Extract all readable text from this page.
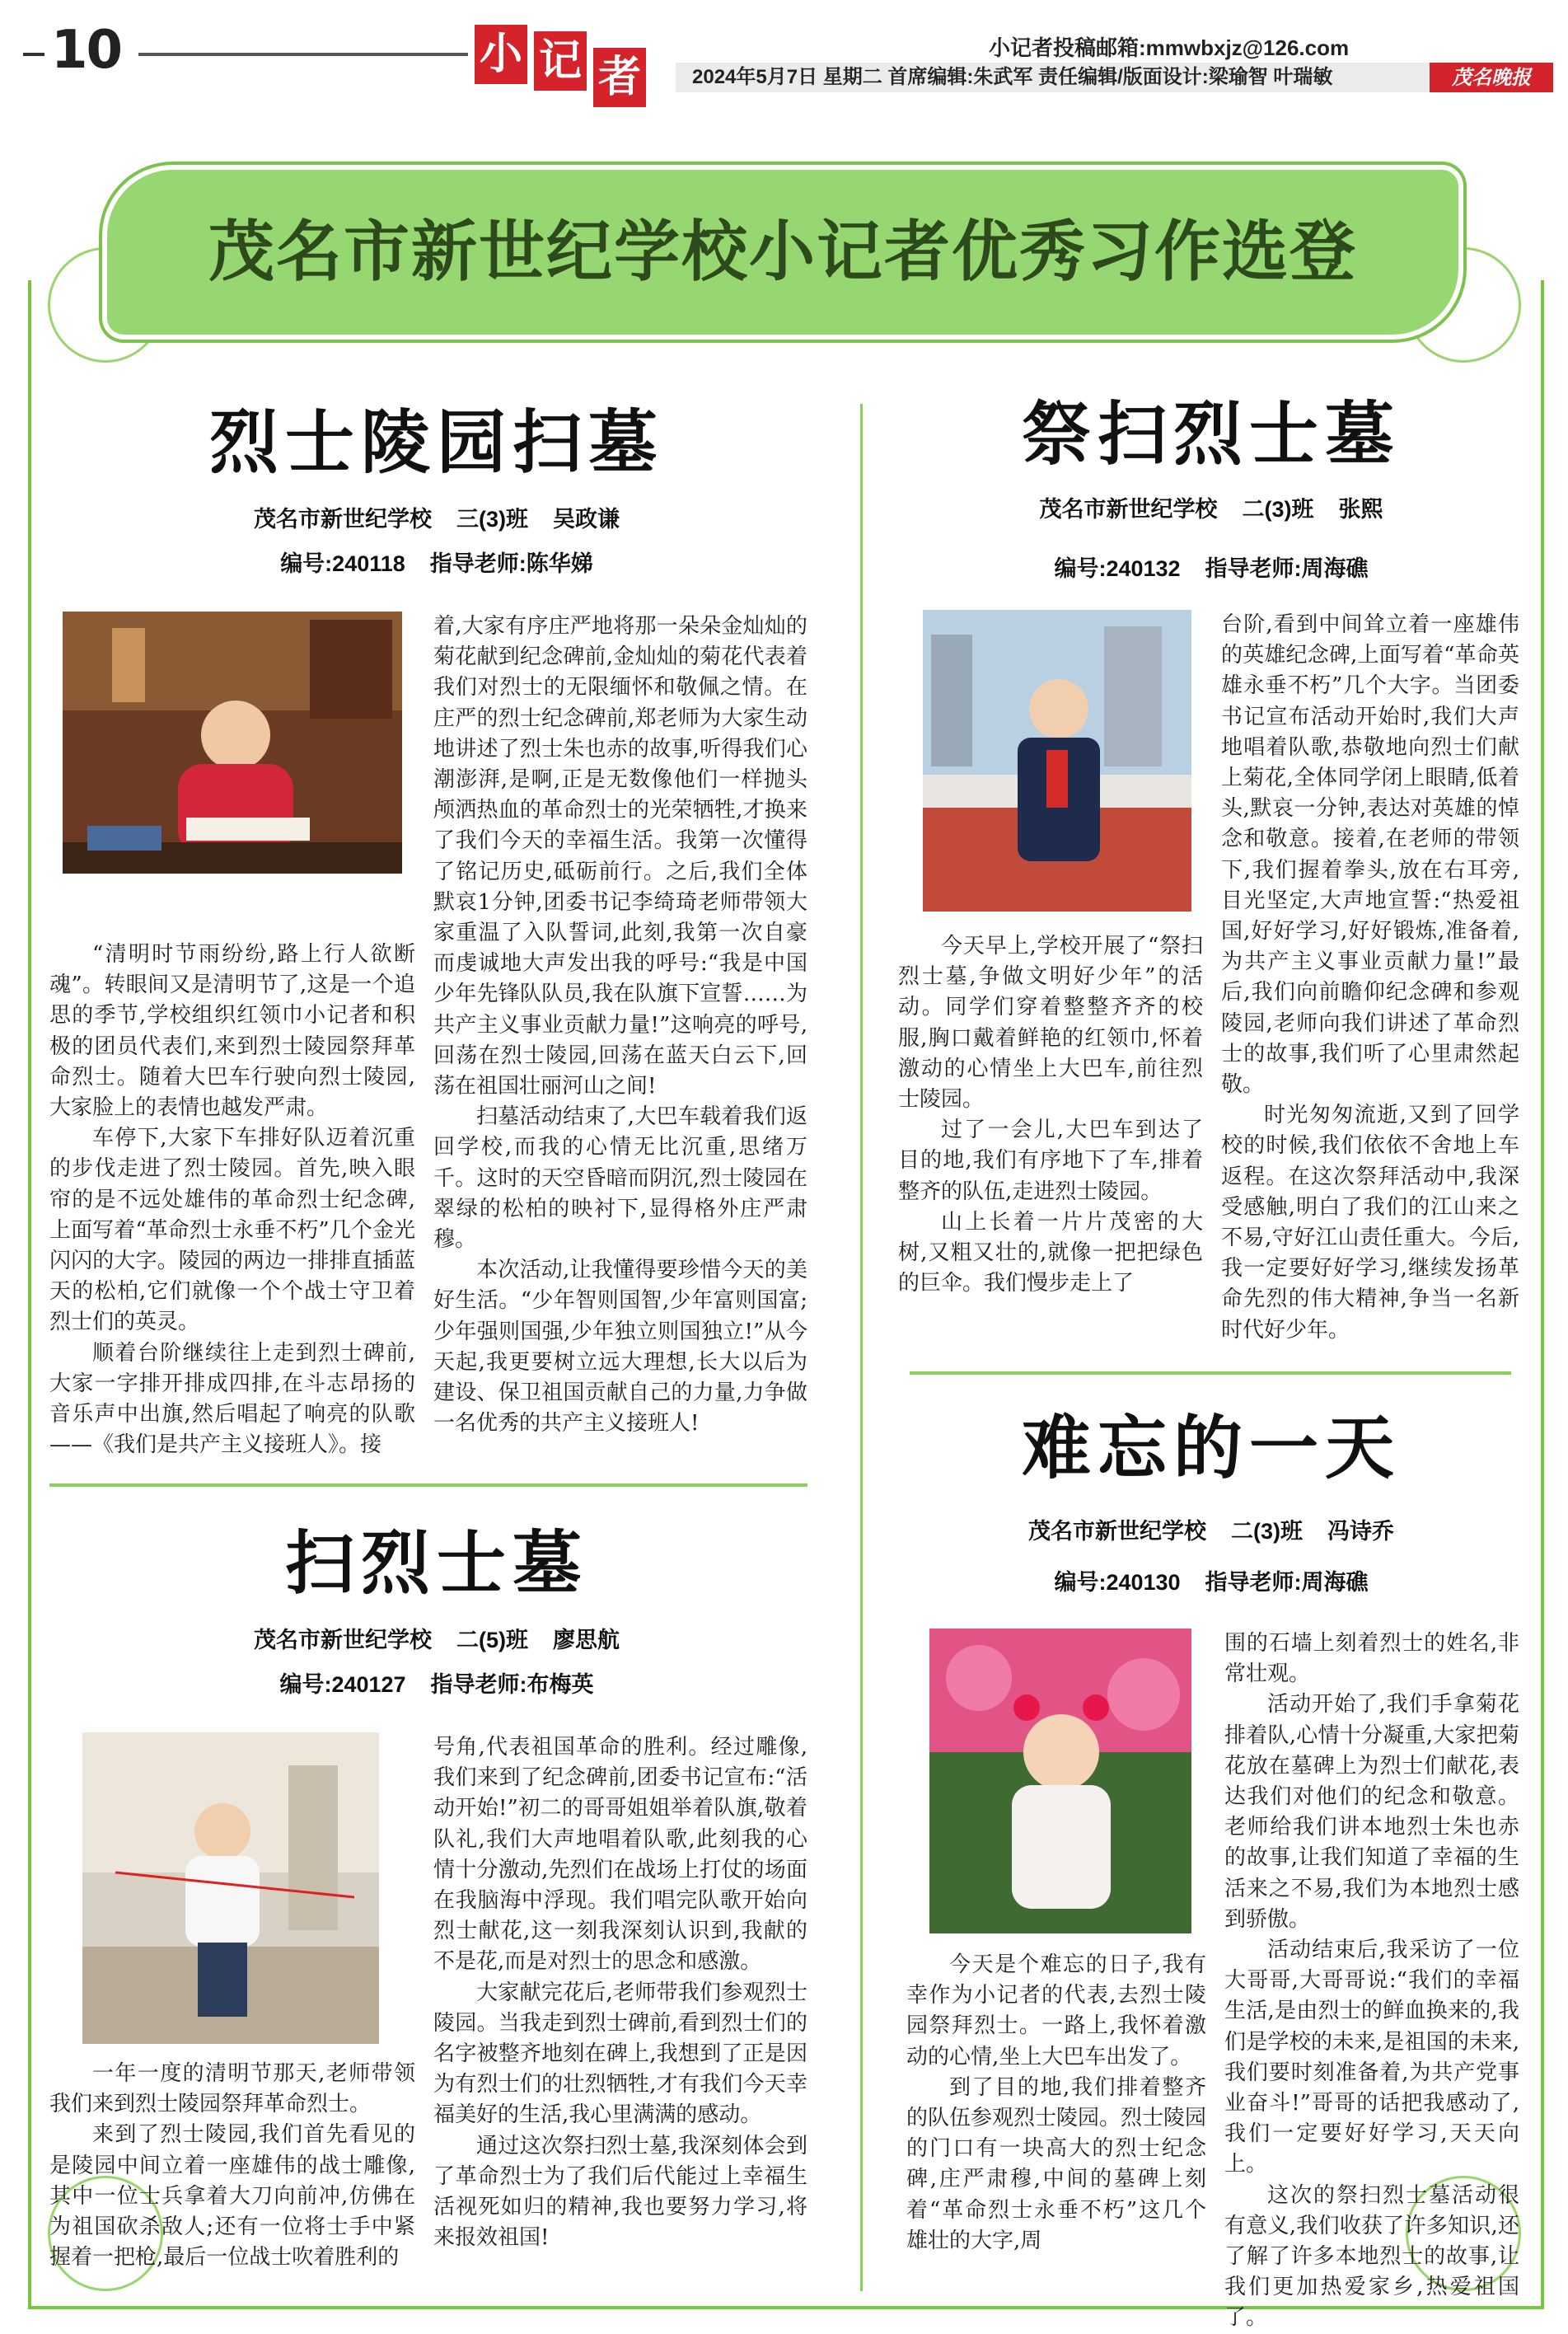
10	小 记 者
小记者投稿邮箱:mmwbxjz@126.com
2024年5月7日 星期二 首席编辑:朱武军 责任编辑/版面设计:梁瑜智 叶瑞敏	茂名晚报
茂名市新世纪学校小记者优秀习作选登
烈士陵园扫墓
茂名市新世纪学校    三(3)班    吴政谦
编号:240118    指导老师:陈华娣

“清明时节雨纷纷,路上行人欲断魂”。转眼间又是清明节了,这是一个追思的季节,学校组织红领巾小记者和积极的团员代表们,来到烈士陵园祭拜革命烈士。随着大巴车行驶向烈士陵园,大家脸上的表情也越发严肃。

车停下,大家下车排好队迈着沉重的步伐走进了烈士陵园。首先,映入眼帘的是不远处雄伟的革命烈士纪念碑,上面写着“革命烈士永垂不朽”几个金光闪闪的大字。陵园的两边一排排直插蓝天的松柏,它们就像一个个战士守卫着烈士们的英灵。

顺着台阶继续往上走到烈士碑前,大家一字排开排成四排,在斗志昂扬的音乐声中出旗,然后唱起了响亮的队歌——《我们是共产主义接班人》。接

着,大家有序庄严地将那一朵朵金灿灿的菊花献到纪念碑前,金灿灿的菊花代表着我们对烈士的无限缅怀和敬佩之情。在庄严的烈士纪念碑前,郑老师为大家生动地讲述了烈士朱也赤的故事,听得我们心潮澎湃,是啊,正是无数像他们一样抛头颅洒热血的革命烈士的光荣牺牲,才换来了我们今天的幸福生活。我第一次懂得了铭记历史,砥砺前行。之后,我们全体默哀1分钟,团委书记李绮琦老师带领大家重温了入队誓词,此刻,我第一次自豪而虔诚地大声发出我的呼号:“我是中国少年先锋队队员,我在队旗下宣誓……为共产主义事业贡献力量!”这响亮的呼号,回荡在烈士陵园,回荡在蓝天白云下,回荡在祖国壮丽河山之间!

扫墓活动结束了,大巴车载着我们返回学校,而我的心情无比沉重,思绪万千。这时的天空昏暗而阴沉,烈士陵园在翠绿的松柏的映衬下,显得格外庄严肃穆。

本次活动,让我懂得要珍惜今天的美好生活。“少年智则国智,少年富则国富;少年强则国强,少年独立则国独立!”从今天起,我更要树立远大理想,长大以后为建设、保卫祖国贡献自己的力量,力争做一名优秀的共产主义接班人!

扫烈士墓
茂名市新世纪学校    二(5)班    廖思航
编号:240127    指导老师:布梅英

一年一度的清明节那天,老师带领我们来到烈士陵园祭拜革命烈士。

来到了烈士陵园,我们首先看见的是陵园中间立着一座雄伟的战士雕像,其中一位士兵拿着大刀向前冲,仿佛在为祖国砍杀敌人;还有一位将士手中紧握着一把枪,最后一位战士吹着胜利的

号角,代表祖国革命的胜利。经过雕像,我们来到了纪念碑前,团委书记宣布:“活动开始!”初二的哥哥姐姐举着队旗,敬着队礼,我们大声地唱着队歌,此刻我的心情十分激动,先烈们在战场上打仗的场面在我脑海中浮现。我们唱完队歌开始向烈士献花,这一刻我深刻认识到,我献的不是花,而是对烈士的思念和感激。

大家献完花后,老师带我们参观烈士陵园。当我走到烈士碑前,看到烈士们的名字被整齐地刻在碑上,我想到了正是因为有烈士们的壮烈牺牲,才有我们今天幸福美好的生活,我心里满满的感动。

通过这次祭扫烈士墓,我深刻体会到了革命烈士为了我们后代能过上幸福生活视死如归的精神,我也要努力学习,将来报效祖国!

祭扫烈士墓
茂名市新世纪学校    二(3)班    张熙
编号:240132    指导老师:周海礁

今天早上,学校开展了“祭扫烈士墓,争做文明好少年”的活动。同学们穿着整整齐齐的校服,胸口戴着鲜艳的红领巾,怀着激动的心情坐上大巴车,前往烈士陵园。

过了一会儿,大巴车到达了目的地,我们有序地下了车,排着整齐的队伍,走进烈士陵园。

山上长着一片片茂密的大树,又粗又壮的,就像一把把绿色的巨伞。我们慢步走上了

台阶,看到中间耸立着一座雄伟的英雄纪念碑,上面写着“革命英雄永垂不朽”几个大字。当团委书记宣布活动开始时,我们大声地唱着队歌,恭敬地向烈士们献上菊花,全体同学闭上眼睛,低着头,默哀一分钟,表达对英雄的悼念和敬意。接着,在老师的带领下,我们握着拳头,放在右耳旁,目光坚定,大声地宣誓:“热爱祖国,好好学习,好好锻炼,准备着,为共产主义事业贡献力量!”最后,我们向前瞻仰纪念碑和参观陵园,老师向我们讲述了革命烈士的故事,我们听了心里肃然起敬。

时光匆匆流逝,又到了回学校的时候,我们依依不舍地上车返程。在这次祭拜活动中,我深受感触,明白了我们的江山来之不易,守好江山责任重大。今后,我一定要好好学习,继续发扬革命先烈的伟大精神,争当一名新时代好少年。

难忘的一天
茂名市新世纪学校    二(3)班    冯诗乔
编号:240130    指导老师:周海礁

今天是个难忘的日子,我有幸作为小记者的代表,去烈士陵园祭拜烈士。一路上,我怀着激动的心情,坐上大巴车出发了。

到了目的地,我们排着整齐的队伍参观烈士陵园。烈士陵园的门口有一块高大的烈士纪念碑,庄严肃穆,中间的墓碑上刻着“革命烈士永垂不朽”这几个雄壮的大字,周

围的石墙上刻着烈士的姓名,非常壮观。

活动开始了,我们手拿菊花排着队,心情十分凝重,大家把菊花放在墓碑上为烈士们献花,表达我们对他们的纪念和敬意。老师给我们讲本地烈士朱也赤的故事,让我们知道了幸福的生活来之不易,我们为本地烈士感到骄傲。

活动结束后,我采访了一位大哥哥,大哥哥说:“我们的幸福生活,是由烈士的鲜血换来的,我们是学校的未来,是祖国的未来,我们要时刻准备着,为共产党事业奋斗!”哥哥的话把我感动了,我们一定要好好学习,天天向上。

这次的祭扫烈士墓活动很有意义,我们收获了许多知识,还了解了许多本地烈士的故事,让我们更加热爱家乡,热爱祖国了。
